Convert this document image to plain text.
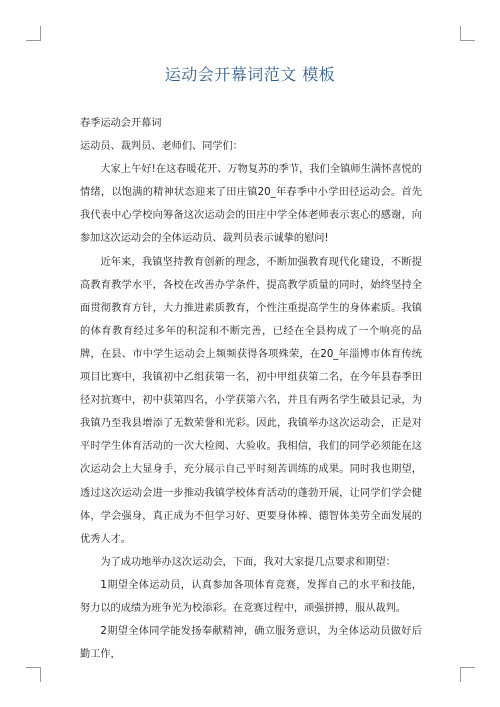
运动会开幕词范文 模板

春季运动会开幕词

运动员、裁判员、老师们、同学们：

大家上午好!在这春暖花开、万物复苏的季节，我们全镇师生满怀喜悦的情绪，以饱满的精神状态迎来了田庄镇20_年春季中小学田径运动会。首先我代表中心学校向筹备这次运动会的田庄中学全体老师表示衷心的感谢，向参加这次运动会的全体运动员、裁判员表示诚挚的慰问!

近年来，我镇坚持教育创新的理念，不断加强教育现代化建设，不断提高教育教学水平，各校在改善办学条件，提高教学质量的同时，始终坚持全面贯彻教育方针，大力推进素质教育，个性注重提高学生的身体素质。我镇的体育教育经过多年的积淀和不断完善，已经在全县构成了一个响亮的品牌，在县、市中学生运动会上频频获得各项殊荣，在20_年淄博市体育传统项目比赛中，我镇初中乙组获第一名，初中甲组获第二名，在今年县春季田径对抗赛中，初中获第四名，小学获第六名，并且有两名学生破县记录，为我镇乃至我县增添了无数荣誉和光彩。因此，我镇举办这次运动会，正是对平时学生体育活动的一次大检阅、大验收。我相信，我们的同学必须能在这次运动会上大显身手，充分展示自己平时刻苦训练的成果。同时我也期望，透过这次运动会进一步推动我镇学校体育活动的蓬勃开展，让同学们学会健体，学会强身，真正成为不但学习好、更要身体棒、德智体美劳全面发展的优秀人才。

为了成功地举办这次运动会，下面，我对大家提几点要求和期望：

1期望全体运动员，认真参加各项体育竞赛，发挥自己的水平和技能，努力以的成绩为班争光为校添彩。在竞赛过程中，顽强拼搏，服从裁判。

2期望全体同学能发扬奉献精神，确立服务意识，为全体运动员做好后勤工作，
